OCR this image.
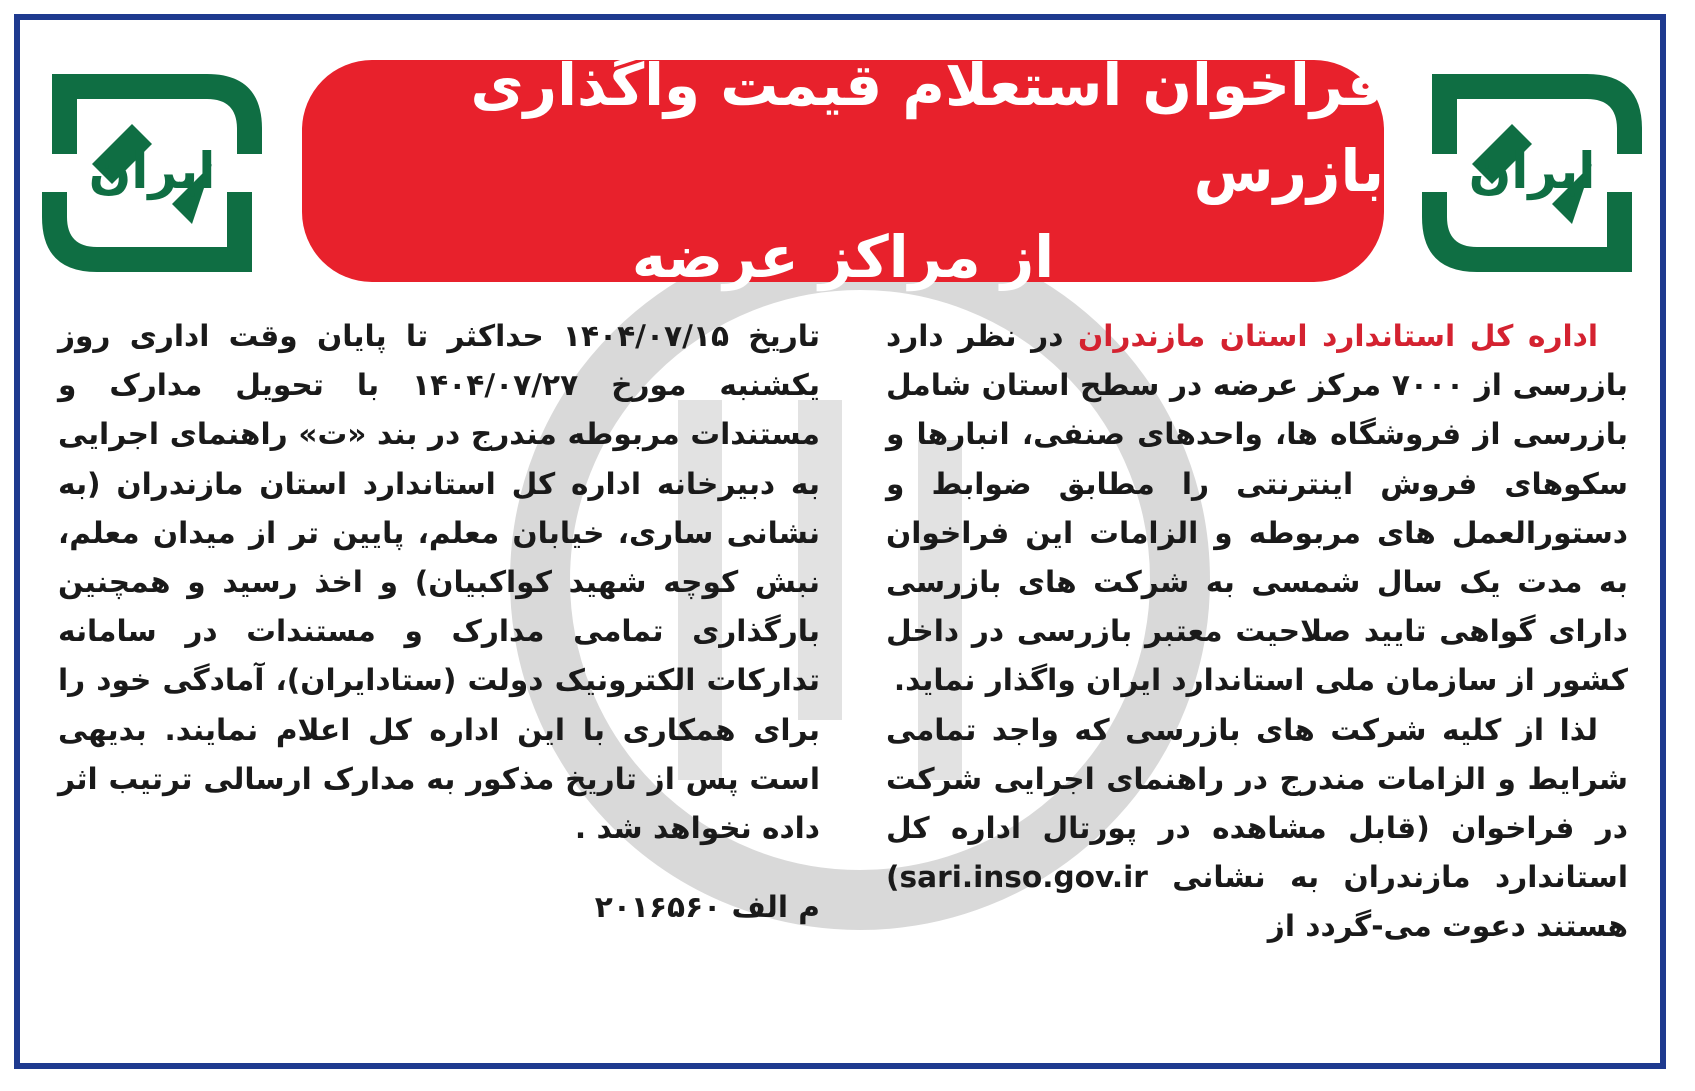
ایران	ایران
فراخوان استعلام قیمت واگذاری بازرس
از مراکز عرضه

اداره کل استاندارد استان مازندران در نظر دارد بازرسی از ۷۰۰۰ مرکز عرضه در سطح استان شامل بازرسی از فروشگاه ها، واحدهای صنفی، انبارها و سکوهای فروش اینترنتی را مطابق ضوابط و دستورالعمل های مربوطه و الزامات این فراخوان به مدت یک سال شمسی به شرکت های بازرسی دارای گواهی تایید صلاحیت معتبر بازرسی در داخل کشور از سازمان ملی استاندارد ایران واگذار نماید.

لذا از کلیه شرکت های بازرسی که واجد تمامی شرایط و الزامات مندرج در راهنمای اجرایی شرکت در فراخوان (قابل مشاهده در پورتال اداره کل استاندارد مازندران به نشانی sari.inso.gov.ir) هستند دعوت می-گردد از

تاریخ ۱۴۰۴/۰۷/۱۵ حداکثر تا پایان وقت اداری روز یکشنبه مورخ ۱۴۰۴/۰۷/۲۷ با تحویل مدارک و مستندات مربوطه مندرج در بند «ت» راهنمای اجرایی به دبیرخانه اداره کل استاندارد استان مازندران (به نشانی ساری، خیابان معلم، پایین تر از میدان معلم، نبش کوچه شهید کواکبیان) و اخذ رسید و همچنین بارگذاری تمامی مدارک و مستندات در سامانه تدارکات الکترونیک دولت (ستادایران)، آمادگی خود را برای همکاری با این اداره کل اعلام نمایند. بدیهی است پس از تاریخ مذکور به مدارک ارسالی ترتیب اثر داده نخواهد شد .

م الف ۲۰۱۶۵۶۰
